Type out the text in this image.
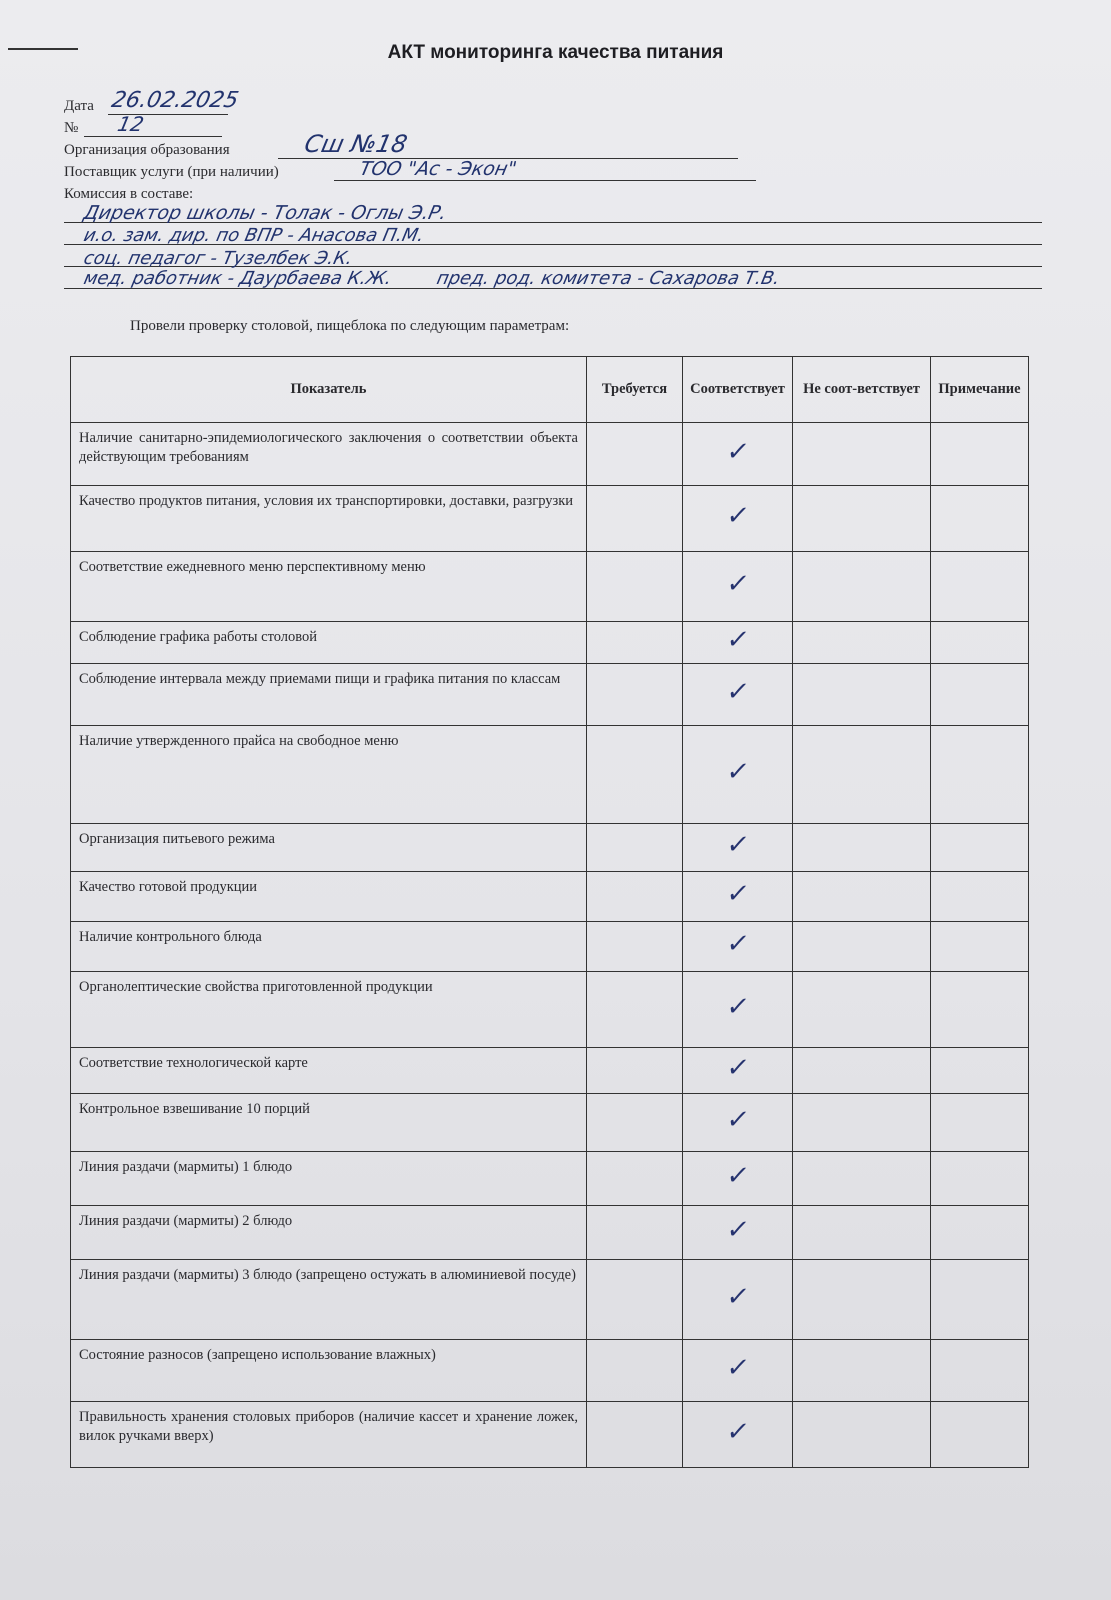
АКТ мониторинга качества питания
Дата 26.02.2025
№ 12
Организация образования	Сш №18
Поставщик услуги (при наличии)	ТОО "Ас - Экон"
Комиссия в составе:
Директор школы - Толак - Оглы Э.Р.
и.о. зам. дир. по ВПР - Анасова П.М.
соц. педагог - Тузелбек Э.К.
мед. работник - Даурбаева К.Ж.        пред. род. комитета - Сахарова Т.В.
Провели проверку столовой, пищеблока по следующим параметрам:
Показатель	Требуется	Соответствует	Не соот-ветствует	Примечание
Наличие санитарно-эпидемиологического заключения о соответствии объекта действующим требованиям		✓		
Качество продуктов питания, условия их транспортировки, доставки, разгрузки		✓		
Соответствие ежедневного меню перспективному меню		✓		
Соблюдение графика работы столовой		✓		
Соблюдение интервала между приемами пищи и графика питания по классам		✓		
Наличие утвержденного прайса на свободное меню		✓		
Организация питьевого режима		✓		
Качество готовой продукции		✓		
Наличие контрольного блюда		✓		
Органолептические свойства приготовленной продукции		✓		
Соответствие технологической карте		✓		
Контрольное взвешивание 10 порций		✓		
Линия раздачи (мармиты) 1 блюдо		✓		
Линия раздачи (мармиты) 2 блюдо		✓		
Линия раздачи (мармиты) 3 блюдо (запрещено остужать в алюминиевой посуде)		✓		
Состояние разносов (запрещено использование влажных)		✓		
Правильность хранения столовых приборов (наличие кассет и хранение ложек, вилок ручками вверх)		✓		
